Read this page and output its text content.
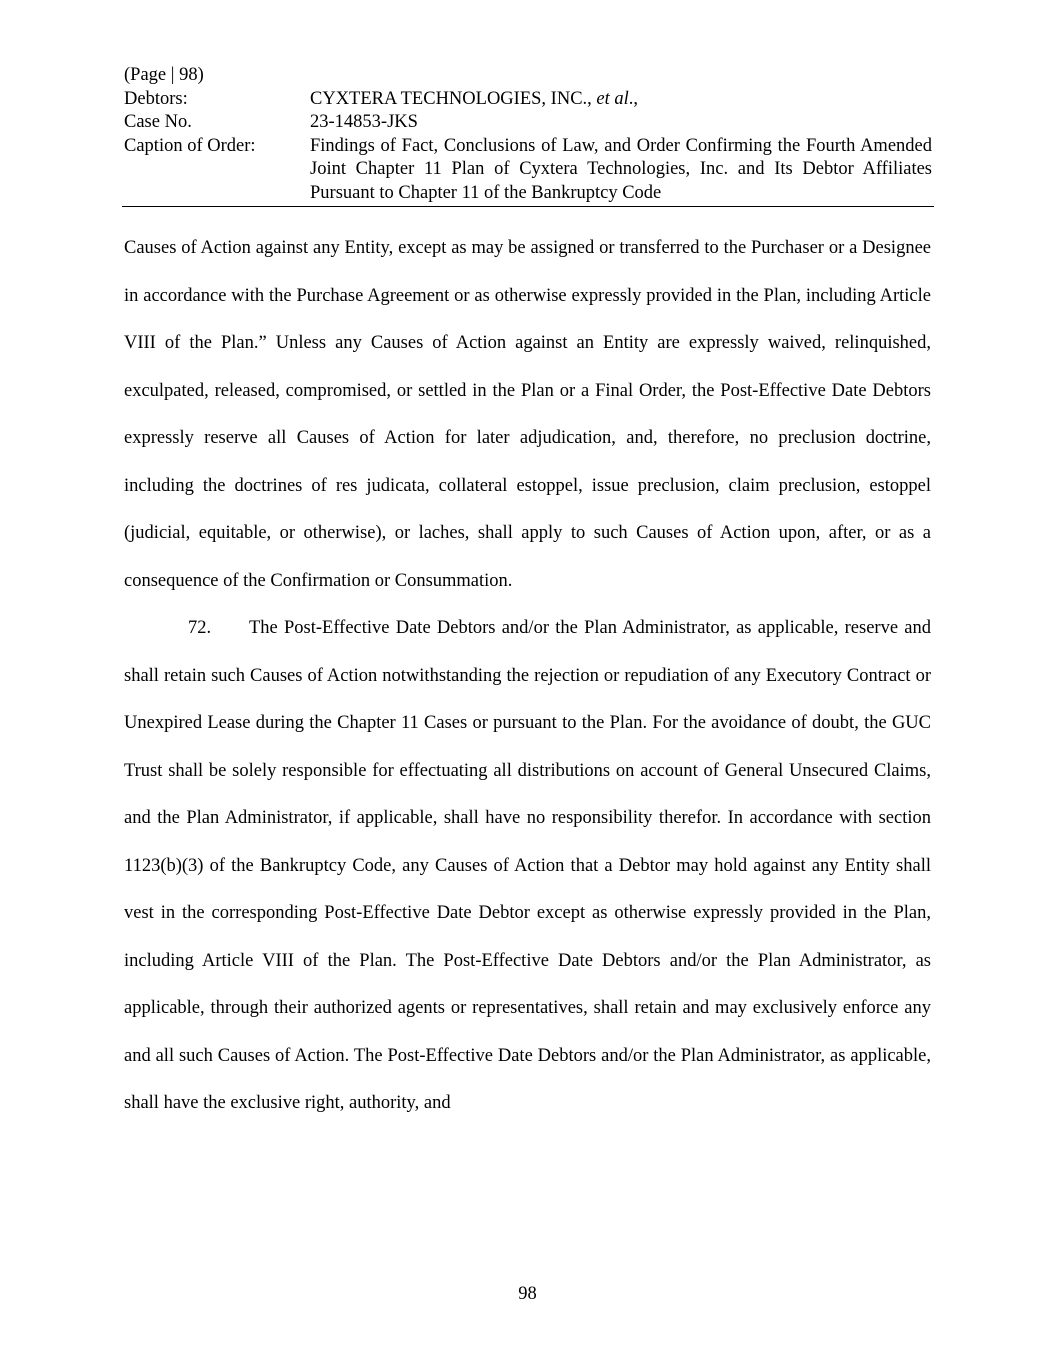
(Page | 98)
Debtors:	CYXTERA TECHNOLOGIES, INC., et al.,
Case No.	23-14853-JKS
Caption of Order:	Findings of Fact, Conclusions of Law, and Order Confirming the Fourth Amended Joint Chapter 11 Plan of Cyxtera Technologies, Inc. and Its Debtor Affiliates Pursuant to Chapter 11 of the Bankruptcy Code

Causes of Action against any Entity, except as may be assigned or transferred to the Purchaser or a Designee in accordance with the Purchase Agreement or as otherwise expressly provided in the Plan, including Article VIII of the Plan.” Unless any Causes of Action against an Entity are expressly waived, relinquished, exculpated, released, compromised, or settled in the Plan or a Final Order, the Post-Effective Date Debtors expressly reserve all Causes of Action for later adjudication, and, therefore, no preclusion doctrine, including the doctrines of res judicata, collateral estoppel, issue preclusion, claim preclusion, estoppel (judicial, equitable, or otherwise), or laches, shall apply to such Causes of Action upon, after, or as a consequence of the Confirmation or Consummation.

72. The Post-Effective Date Debtors and/or the Plan Administrator, as applicable, reserve and shall retain such Causes of Action notwithstanding the rejection or repudiation of any Executory Contract or Unexpired Lease during the Chapter 11 Cases or pursuant to the Plan. For the avoidance of doubt, the GUC Trust shall be solely responsible for effectuating all distributions on account of General Unsecured Claims, and the Plan Administrator, if applicable, shall have no responsibility therefor. In accordance with section 1123(b)(3) of the Bankruptcy Code, any Causes of Action that a Debtor may hold against any Entity shall vest in the corresponding Post-Effective Date Debtor except as otherwise expressly provided in the Plan, including Article VIII of the Plan. The Post-Effective Date Debtors and/or the Plan Administrator, as applicable, through their authorized agents or representatives, shall retain and may exclusively enforce any and all such Causes of Action. The Post-Effective Date Debtors and/or the Plan Administrator, as applicable, shall have the exclusive right, authority, and

98
